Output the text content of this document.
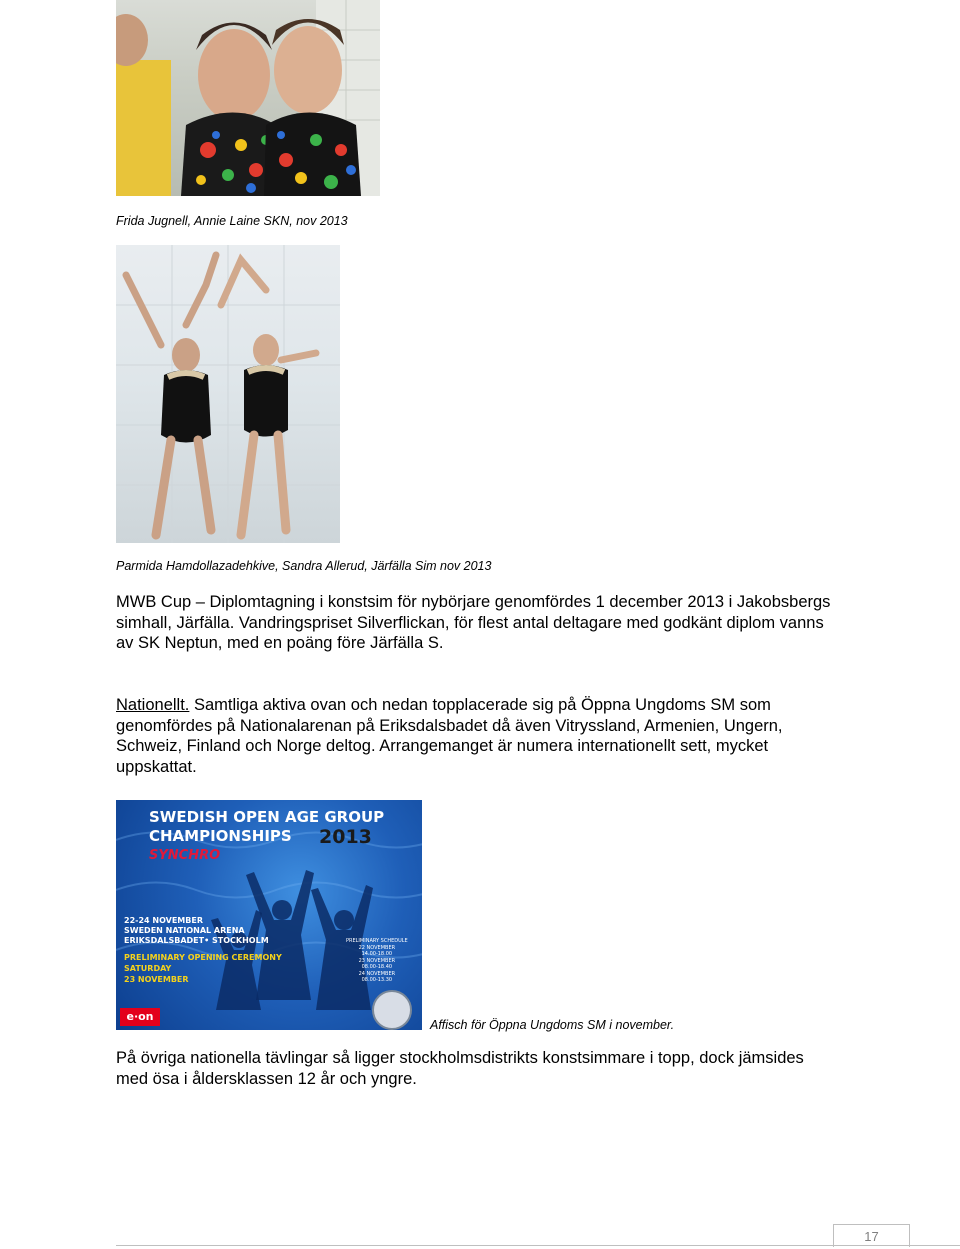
Frida Jugnell, Annie Laine SKN, nov 2013
Parmida Hamdollazadehkive, Sandra Allerud, Järfälla Sim nov 2013
MWB Cup – Diplomtagning i konstsim för nybörjare genomfördes 1 december 2013 i Jakobsbergs simhall, Järfälla. Vandringspriset Silverflickan, för flest antal deltagare med godkänt diplom vanns av SK Neptun, med en poäng före Järfälla S.
Nationellt. Samtliga aktiva ovan och nedan topplacerade sig på Öppna Ungdoms SM som genomfördes på Nationalarenan på Eriksdalsbadet då även Vitryssland, Armenien, Ungern, Schweiz, Finland och Norge deltog. Arrangemanget är numera internationellt sett, mycket uppskattat.
SWEDISH OPEN AGE GROUP
CHAMPIONSHIPS	2013
SYNCHRO
22-24 NOVEMBER
SWEDEN NATIONAL ARENA
ERIKSDALSBADET• STOCKHOLM
PRELIMINARY OPENING CEREMONY
SATURDAY
23 NOVEMBER
PRELIMINARY SCHEDULE
22 NOVEMBER
14.00-18.00
23 NOVEMBER
08.00-18.40
24 NOVEMBER
08.00-13.30
e·on
Affisch för Öppna Ungdoms SM i november.
På övriga nationella tävlingar så ligger stockholmsdistrikts konstsimmare i topp, dock jämsides med ösa i åldersklassen 12 år och yngre.
17
